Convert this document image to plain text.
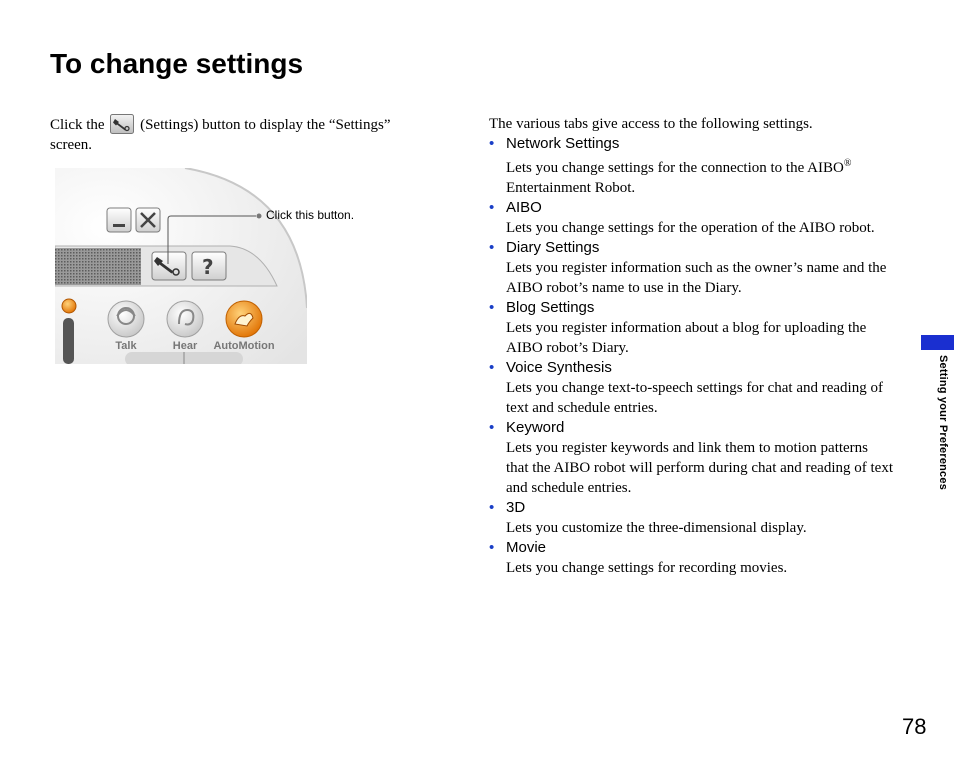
To change settings
Click the (Settings) button to display the “Settings” screen.
?
Talk	Hear AutoMotion
Click this button.

The various tabs give access to the following settings.

• Network Settings
Lets you change settings for the connection to the AIBO® Entertainment Robot.
• AIBO
Lets you change settings for the operation of the AIBO robot.
• Diary Settings
Lets you register information such as the owner’s name and the AIBO robot’s name to use in the Diary.
• Blog Settings
Lets you register information about a blog for uploading the AIBO robot’s Diary.
• Voice Synthesis
Lets you change text-to-speech settings for chat and reading of text and schedule entries.
• Keyword
Lets you register keywords and link them to motion patterns that the AIBO robot will perform during chat and reading of text and schedule entries.
• 3D
Lets you customize the three-dimensional display.
• Movie
Lets you change settings for recording movies.
Setting your Preferences
78
